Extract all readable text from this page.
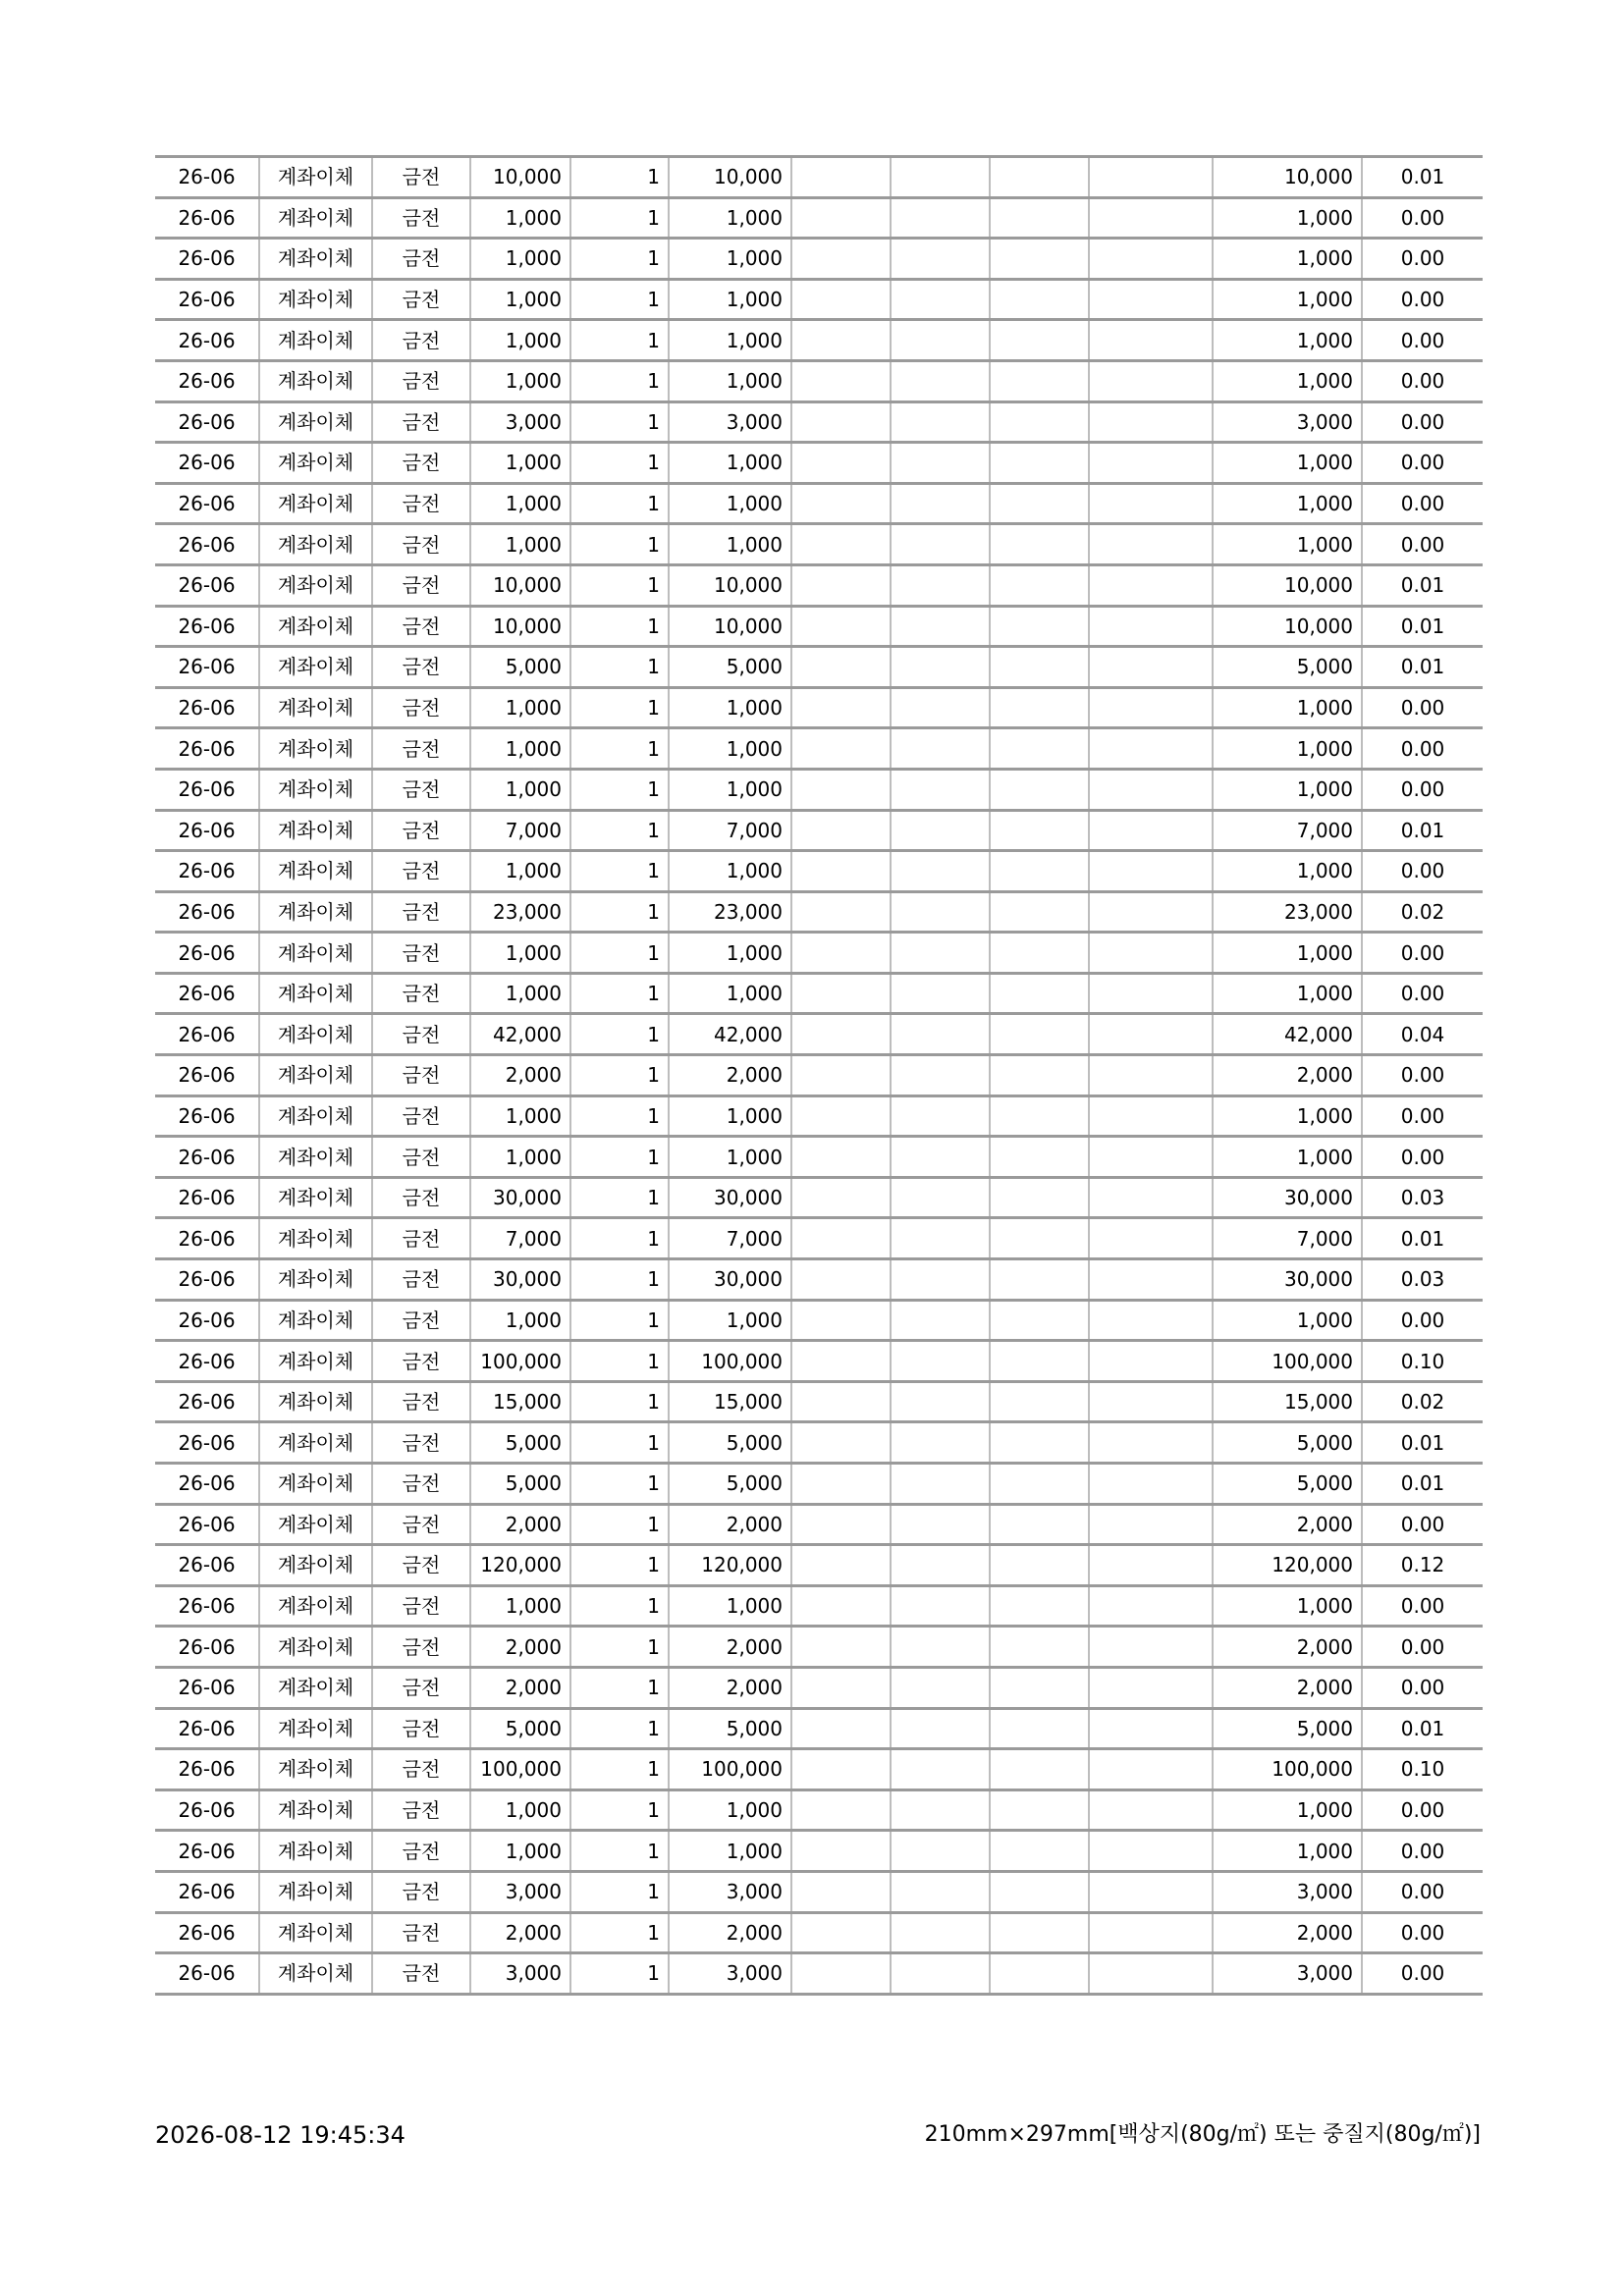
26-06	계좌이체	금전	10,000	1	10,000					10,000	0.01
26-06	계좌이체	금전	1,000	1	1,000					1,000	0.00
26-06	계좌이체	금전	1,000	1	1,000					1,000	0.00
26-06	계좌이체	금전	1,000	1	1,000					1,000	0.00
26-06	계좌이체	금전	1,000	1	1,000					1,000	0.00
26-06	계좌이체	금전	1,000	1	1,000					1,000	0.00
26-06	계좌이체	금전	3,000	1	3,000					3,000	0.00
26-06	계좌이체	금전	1,000	1	1,000					1,000	0.00
26-06	계좌이체	금전	1,000	1	1,000					1,000	0.00
26-06	계좌이체	금전	1,000	1	1,000					1,000	0.00
26-06	계좌이체	금전	10,000	1	10,000					10,000	0.01
26-06	계좌이체	금전	10,000	1	10,000					10,000	0.01
26-06	계좌이체	금전	5,000	1	5,000					5,000	0.01
26-06	계좌이체	금전	1,000	1	1,000					1,000	0.00
26-06	계좌이체	금전	1,000	1	1,000					1,000	0.00
26-06	계좌이체	금전	1,000	1	1,000					1,000	0.00
26-06	계좌이체	금전	7,000	1	7,000					7,000	0.01
26-06	계좌이체	금전	1,000	1	1,000					1,000	0.00
26-06	계좌이체	금전	23,000	1	23,000					23,000	0.02
26-06	계좌이체	금전	1,000	1	1,000					1,000	0.00
26-06	계좌이체	금전	1,000	1	1,000					1,000	0.00
26-06	계좌이체	금전	42,000	1	42,000					42,000	0.04
26-06	계좌이체	금전	2,000	1	2,000					2,000	0.00
26-06	계좌이체	금전	1,000	1	1,000					1,000	0.00
26-06	계좌이체	금전	1,000	1	1,000					1,000	0.00
26-06	계좌이체	금전	30,000	1	30,000					30,000	0.03
26-06	계좌이체	금전	7,000	1	7,000					7,000	0.01
26-06	계좌이체	금전	30,000	1	30,000					30,000	0.03
26-06	계좌이체	금전	1,000	1	1,000					1,000	0.00
26-06	계좌이체	금전	100,000	1	100,000					100,000	0.10
26-06	계좌이체	금전	15,000	1	15,000					15,000	0.02
26-06	계좌이체	금전	5,000	1	5,000					5,000	0.01
26-06	계좌이체	금전	5,000	1	5,000					5,000	0.01
26-06	계좌이체	금전	2,000	1	2,000					2,000	0.00
26-06	계좌이체	금전	120,000	1	120,000					120,000	0.12
26-06	계좌이체	금전	1,000	1	1,000					1,000	0.00
26-06	계좌이체	금전	2,000	1	2,000					2,000	0.00
26-06	계좌이체	금전	2,000	1	2,000					2,000	0.00
26-06	계좌이체	금전	5,000	1	5,000					5,000	0.01
26-06	계좌이체	금전	100,000	1	100,000					100,000	0.10
26-06	계좌이체	금전	1,000	1	1,000					1,000	0.00
26-06	계좌이체	금전	1,000	1	1,000					1,000	0.00
26-06	계좌이체	금전	3,000	1	3,000					3,000	0.00
26-06	계좌이체	금전	2,000	1	2,000					2,000	0.00
26-06	계좌이체	금전	3,000	1	3,000					3,000	0.00
2026-08-12 19:45:34	210mm×297mm[백상지(80g/㎡) 또는 중질지(80g/㎡)]
